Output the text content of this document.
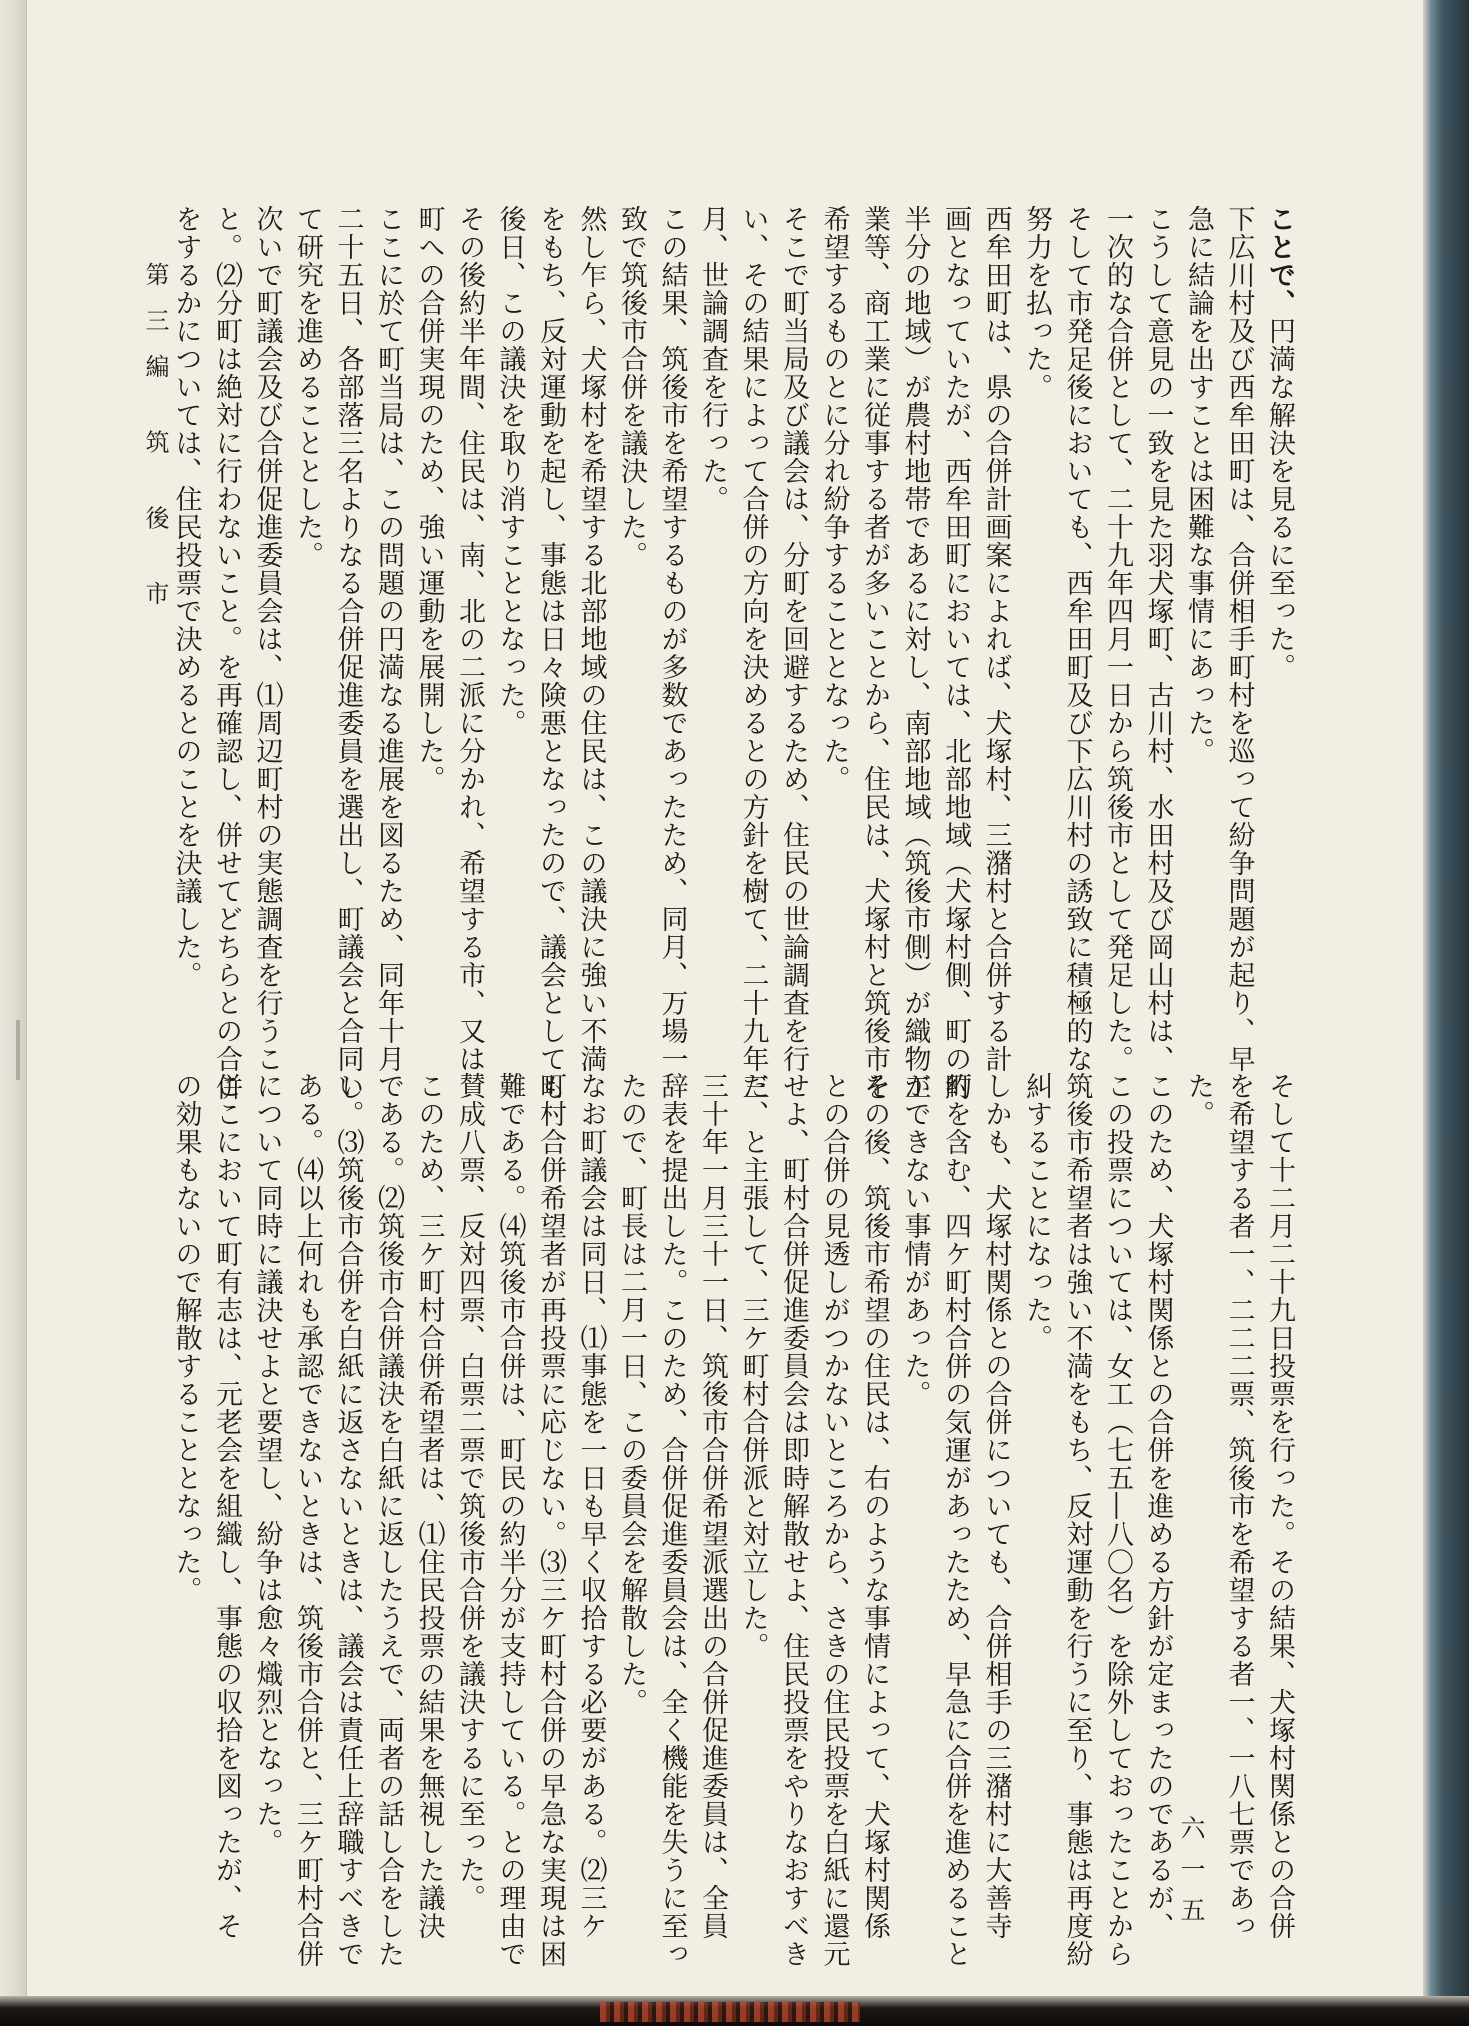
ことで、円満な解決を見るに至った。
下広川村及び西牟田町は、合併相手町村を巡って紛争問題が起り、早
急に結論を出すことは困難な事情にあった。
こうして意見の一致を見た羽犬塚町、古川村、水田村及び岡山村は、
一次的な合併として、二十九年四月一日から筑後市として発足した。
そして市発足後においても、西牟田町及び下広川村の誘致に積極的な
努力を払った。
西牟田町は、県の合併計画案によれば、犬塚村、三潴村と合併する計
画となっていたが、西牟田町においては、北部地域（犬塚村側、町の約
半分の地域）が農村地帯であるに対し、南部地域（筑後市側）が織物工
業等、商工業に従事する者が多いことから、住民は、犬塚村と筑後市を
希望するものとに分れ紛争することとなった。
そこで町当局及び議会は、分町を回避するため、住民の世論調査を行
い、その結果によって合併の方向を決めるとの方針を樹て、二十九年三
月、世論調査を行った。
この結果、筑後市を希望するものが多数であったため、同月、万場一
致で筑後市合併を議決した。
然し乍ら、犬塚村を希望する北部地域の住民は、この議決に強い不満
をもち、反対運動を起し、事態は日々険悪となったので、議会としても
後日、この議決を取り消すこととなった。
その後約半年間、住民は、南、北の二派に分かれ、希望する市、又は
町への合併実現のため、強い運動を展開した。
ここに於て町当局は、この問題の円満なる進展を図るため、同年十月
二十五日、各部落三名よりなる合併促進委員を選出し、町議会と合同し
て研究を進めることとした。
次いで町議会及び合併促進委員会は、⑴周辺町村の実態調査を行うこ
と。⑵分町は絶対に行わないこと。を再確認し、併せてどちらとの合併
をするかについては、住民投票で決めるとのことを決議した。
そして十二月二十九日投票を行った。その結果、犬塚村関係との合併
を希望する者一、二二二票、筑後市を希望する者一、一八七票であっ
た。
このため、犬塚村関係との合併を進める方針が定まったのであるが、
この投票については、女工（七五―八〇名）を除外しておったことから
筑後市希望者は強い不満をもち、反対運動を行うに至り、事態は再度紛
糾することになった。
しかも、犬塚村関係との合併についても、合併相手の三潴村に大善寺
町を含む、四ケ町村合併の気運があったため、早急に合併を進めること
ができない事情があった。
その後、筑後市希望の住民は、右のような事情によって、犬塚村関係
との合併の見透しがつかないところから、さきの住民投票を白紙に還元
せよ、町村合併促進委員会は即時解散せよ、住民投票をやりなおすべき
だ、と主張して、三ケ町村合併派と対立した。
三十年一月三十一日、筑後市合併希望派選出の合併促進委員は、全員
辞表を提出した。このため、合併促進委員会は、全く機能を失うに至っ
たので、町長は二月一日、この委員会を解散した。
なお町議会は同日、⑴事態を一日も早く収拾する必要がある。⑵三ケ
町村合併希望者が再投票に応じない。⑶三ケ町村合併の早急な実現は困
難である。⑷筑後市合併は、町民の約半分が支持している。との理由で
賛成八票、反対四票、白票二票で筑後市合併を議決するに至った。
このため、三ケ町村合併希望者は、⑴住民投票の結果を無視した議決
である。⑵筑後市合併議決を白紙に返したうえで、両者の話し合をした
い。⑶筑後市合併を白紙に返さないときは、議会は責任上辞職すべきで
ある。⑷以上何れも承認できないときは、筑後市合併と、三ケ町村合併
について同時に議決せよと要望し、紛争は愈々熾烈となった。
ここにおいて町有志は、元老会を組織し、事態の収拾を図ったが、そ
の効果もないので解散することとなった。
第三編 筑 後 市
六一五
